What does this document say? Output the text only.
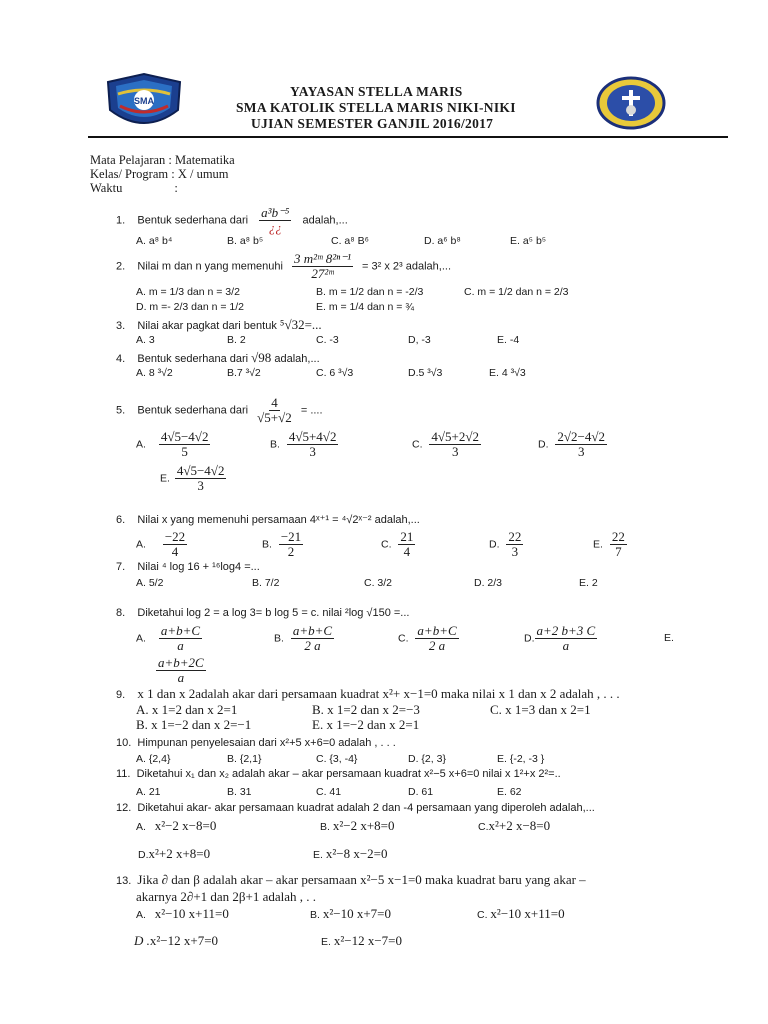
SMA
YAYASAN STELLA MARIS
SMA KATOLIK STELLA MARIS NIKI-NIKI
UJIAN SEMESTER GANJIL 2016/2017
Mata Pelajaran : Matematika
Kelas/ Program : X / umum
Waktu	:
1. Bentuk sederhana dari
a³b⁻⁵
¿¿ adalah,...
A. a⁸ b⁴	B. a⁸ b⁵	C. a⁸ B⁶	D. a⁶ b⁸	E. a⁵ b⁵
2. Nilai m dan n yang memenuhi $\frac{\text{3 m²ᵐ 8²ⁿ⁻¹}}{\text{27²ᵐ}} = 3^2$ x 2³ adalah,...
A. m = 1/3 dan n = 3/2	B. m = 1/2 dan n = -2/3	C. m = 1/2 dan n = 2/3
D. m =- 2/3 dan n = 1/2	E. m = 1/4 dan n = ¾
3. Nilai akar pagkat dari bentuk ⁵√32=...
A. 3	B. 2	C. -3	D, -3	E. -4
4. Bentuk sederhana dari √98 adalah,...
A. 8 ³√2	B.7 ³√2	C. 6 ³√3	D.5 ³√3	E. 4 ³√3
5. Bentuk sederhana dari $\frac{4}{√5+√2}$ = ....
A. $\frac{4√5-4√2}{5}$	B. $\frac{4√5+4√2}{3}$	C. $\frac{4√5+2√2}{3}$	D. $\frac{2√2-4√2}{3}$
E. $\frac{4√5-4√2}{3}$
6. Nilai x yang memenuhi persamaan 4ˣ⁺¹ = ⁴√2ˣ⁻² adalah,...
A. $\frac{-22}{4}$	B. $\frac{-21}{2}$	C. $\frac{21}{4}$	D. $\frac{22}{3}$	E. $\frac{22}{7}$
7. Nilai ⁴ log 16 + ¹⁶log4 =...
A. 5/2	B. 7/2	C. 3/2	D. 2/3	E. 2
8. Diketahui log 2 = a log 3= b log 5 = c. nilai ²log √150 =...
A. $\frac{a+b+C}{a}$	B. $\frac{a+b+C}{2 a}$	C. $\frac{a+b+C}{2 a}$	D. $\frac{a+2 b+3 C}{a}$	E.
$\frac{a+b+2C}{a}$
9. x 1 dan x 2adalah akar dari persamaan kuadrat x²+ x−1=0 maka nilai x 1 dan x 2 adalah , . . .
A. x 1=2 dan x 2=1	B. x 1=2 dan x 2=−3	C. x 1=3 dan x 2=1
B. x 1=−2 dan x 2=−1	E. x 1=−2 dan x 2=1
10. Himpunan penyelesaian dari x²+5 x+6=0 adalah , . . .
A. {2,4}	B. {2,1}	C. {3, -4}	D. {2, 3}	E. {-2, -3 }
11. Diketahui x₁ dan x₂ adalah akar – akar persamaan kuadrat x²−5 x+6=0 nilai x 1²+x 2²=..
A. 21	B. 31	C. 41	D. 61	E. 62
12. Diketahui akar- akar persamaan kuadrat adalah 2 dan -4 persamaan yang diperoleh adalah,...
A. x²−2 x−8=0	B. x²−2 x+8=0	C.x²+2 x−8=0
D.x²+2 x+8=0	E. x²−8 x−2=0
13. Jika ∂ dan β adalah akar – akar persamaan x²−5 x−1=0 maka kuadrat baru yang akar –
akarnya 2∂+1 dan 2β+1 adalah , . .
A. x²−10 x+11=0	B. x²−10 x+7=0	C. x²−10 x+11=0
D .x²−12 x+7=0	E. x²−12 x−7=0
